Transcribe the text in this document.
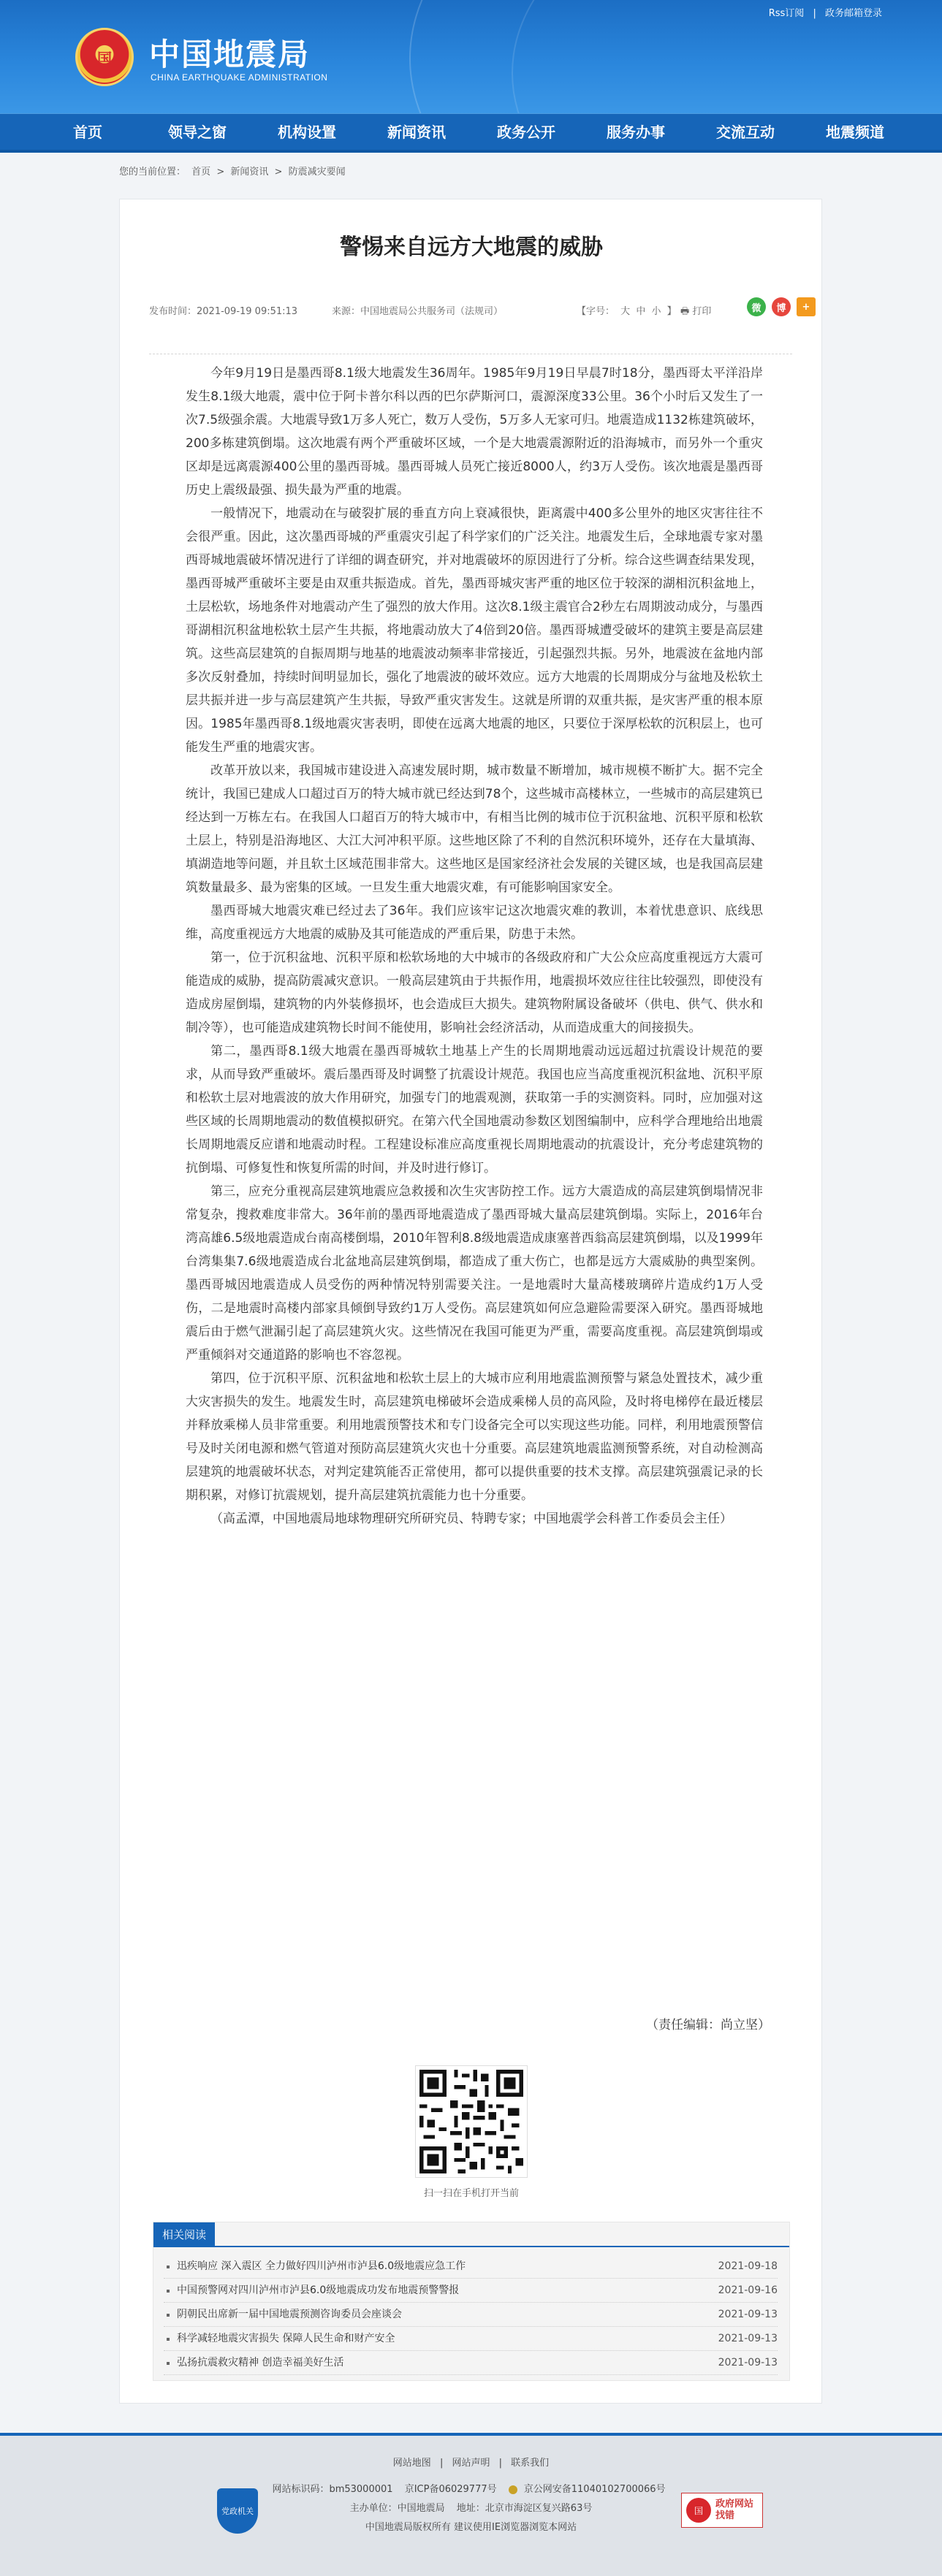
国 中国地震局
CHINA EARTHQUAKE ADMINISTRATION
Rss订阅 | 政务邮箱登录
首页	领导之窗	机构设置	新闻资讯	政务公开	服务办事	交流互动	地震频道
您的当前位置： 首页 > 新闻资讯 > 防震减灾要闻
警惕来自远方大地震的威胁
发布时间：2021-09-19 09:51:13	来源：中国地震局公共服务司（法规司）	【字号： 大 中 小 】 🖶 打印	微	博	+

今年9月19日是墨西哥8.1级大地震发生36周年。1985年9月19日早晨7时18分，墨西哥太平洋沿岸发生8.1级大地震，震中位于阿卡普尔科以西的巴尔萨斯河口，震源深度33公里。36个小时后又发生了一次7.5级强余震。大地震导致1万多人死亡，数万人受伤，5万多人无家可归。地震造成1132栋建筑破坏，200多栋建筑倒塌。这次地震有两个严重破坏区域，一个是大地震震源附近的沿海城市，而另外一个重灾区却是远离震源400公里的墨西哥城。墨西哥城人员死亡接近8000人，约3万人受伤。该次地震是墨西哥历史上震级最强、损失最为严重的地震。

一般情况下，地震动在与破裂扩展的垂直方向上衰减很快，距离震中400多公里外的地区灾害往往不会很严重。因此，这次墨西哥城的严重震灾引起了科学家们的广泛关注。地震发生后，全球地震专家对墨西哥城地震破坏情况进行了详细的调查研究，并对地震破坏的原因进行了分析。综合这些调查结果发现，墨西哥城严重破坏主要是由双重共振造成。首先，墨西哥城灾害严重的地区位于较深的湖相沉积盆地上，土层松软，场地条件对地震动产生了强烈的放大作用。这次8.1级主震官合2秒左右周期波动成分，与墨西哥湖相沉积盆地松软土层产生共振，将地震动放大了4倍到20倍。墨西哥城遭受破坏的建筑主要是高层建筑。这些高层建筑的自振周期与地基的地震波动频率非常接近，引起强烈共振。另外，地震波在盆地内部多次反射叠加，持续时间明显加长，强化了地震波的破坏效应。远方大地震的长周期成分与盆地及松软土层共振并进一步与高层建筑产生共振，导致严重灾害发生。这就是所谓的双重共振，是灾害严重的根本原因。1985年墨西哥8.1级地震灾害表明，即使在远离大地震的地区，只要位于深厚松软的沉积层上，也可能发生严重的地震灾害。

改革开放以来，我国城市建设进入高速发展时期，城市数量不断增加，城市规模不断扩大。据不完全统计，我国已建成人口超过百万的特大城市就已经达到78个，这些城市高楼林立，一些城市的高层建筑已经达到一万栋左右。在我国人口超百万的特大城市中，有相当比例的城市位于沉积盆地、沉积平原和松软土层上，特别是沿海地区、大江大河冲积平原。这些地区除了不利的自然沉积环境外，还存在大量填海、填湖造地等问题，并且软土区域范围非常大。这些地区是国家经济社会发展的关键区域，也是我国高层建筑数量最多、最为密集的区域。一旦发生重大地震灾难，有可能影响国家安全。

墨西哥城大地震灾难已经过去了36年。我们应该牢记这次地震灾难的教训，本着忧患意识、底线思维，高度重视远方大地震的威胁及其可能造成的严重后果，防患于未然。

第一，位于沉积盆地、沉积平原和松软场地的大中城市的各级政府和广大公众应高度重视远方大震可能造成的威胁，提高防震减灾意识。一般高层建筑由于共振作用，地震损坏效应往往比较强烈，即使没有造成房屋倒塌，建筑物的内外装修损坏，也会造成巨大损失。建筑物附属设备破坏（供电、供气、供水和制冷等），也可能造成建筑物长时间不能使用，影响社会经济活动，从而造成重大的间接损失。

第二，墨西哥8.1级大地震在墨西哥城软土地基上产生的长周期地震动远远超过抗震设计规范的要求，从而导致严重破坏。震后墨西哥及时调整了抗震设计规范。我国也应当高度重视沉积盆地、沉积平原和松软土层对地震波的放大作用研究，加强专门的地震观测，获取第一手的实测资料。同时，应加强对这些区域的长周期地震动的数值模拟研究。在第六代全国地震动参数区划图编制中，应科学合理地给出地震长周期地震反应谱和地震动时程。工程建设标准应高度重视长周期地震动的抗震设计，充分考虑建筑物的抗倒塌、可修复性和恢复所需的时间，并及时进行修订。

第三，应充分重视高层建筑地震应急救援和次生灾害防控工作。远方大震造成的高层建筑倒塌情况非常复杂，搜救难度非常大。36年前的墨西哥地震造成了墨西哥城大量高层建筑倒塌。实际上，2016年台湾高雄6.5级地震造成台南高楼倒塌，2010年智利8.8级地震造成康塞普西翁高层建筑倒塌，以及1999年台湾集集7.6级地震造成台北盆地高层建筑倒塌，都造成了重大伤亡，也都是远方大震威胁的典型案例。墨西哥城因地震造成人员受伤的两种情况特别需要关注。一是地震时大量高楼玻璃碎片造成约1万人受伤，二是地震时高楼内部家具倾倒导致约1万人受伤。高层建筑如何应急避险需要深入研究。墨西哥城地震后由于燃气泄漏引起了高层建筑火灾。这些情况在我国可能更为严重，需要高度重视。高层建筑倒塌或严重倾斜对交通道路的影响也不容忽视。

第四，位于沉积平原、沉积盆地和松软土层上的大城市应利用地震监测预警与紧急处置技术，减少重大灾害损失的发生。地震发生时，高层建筑电梯破坏会造成乘梯人员的高风险，及时将电梯停在最近楼层并释放乘梯人员非常重要。利用地震预警技术和专门设备完全可以实现这些功能。同样，利用地震预警信号及时关闭电源和燃气管道对预防高层建筑火灾也十分重要。高层建筑地震监测预警系统，对自动检测高层建筑的地震破坏状态，对判定建筑能否正常使用，都可以提供重要的技术支撑。高层建筑强震记录的长期积累，对修订抗震规划，提升高层建筑抗震能力也十分重要。

（高孟潭，中国地震局地球物理研究所研究员、特聘专家；中国地震学会科普工作委员会主任）

（责任编辑：尚立坚）
扫一扫在手机打开当前
相关阅读
迅疾响应 深入震区 全力做好四川泸州市泸县6.0级地震应急工作	2021-09-18
中国预警网对四川泸州市泸县6.0级地震成功发布地震预警警报	2021-09-16
阴朝民出席新一届中国地震预测咨询委员会座谈会	2021-09-13
科学减轻地震灾害损失 保障人民生命和财产安全	2021-09-13
弘扬抗震救灾精神 创造幸福美好生活	2021-09-13
网站地图 | 网站声明 | 联系我们
党政机关
网站标识码：bm53000001 京ICP备06029777号	京公网安备11040102700066号
主办单位：中国地震局 地址：北京市海淀区复兴路63号
中国地震局版权所有 建议使用IE浏览器浏览本网站
国
政府网站
找错
